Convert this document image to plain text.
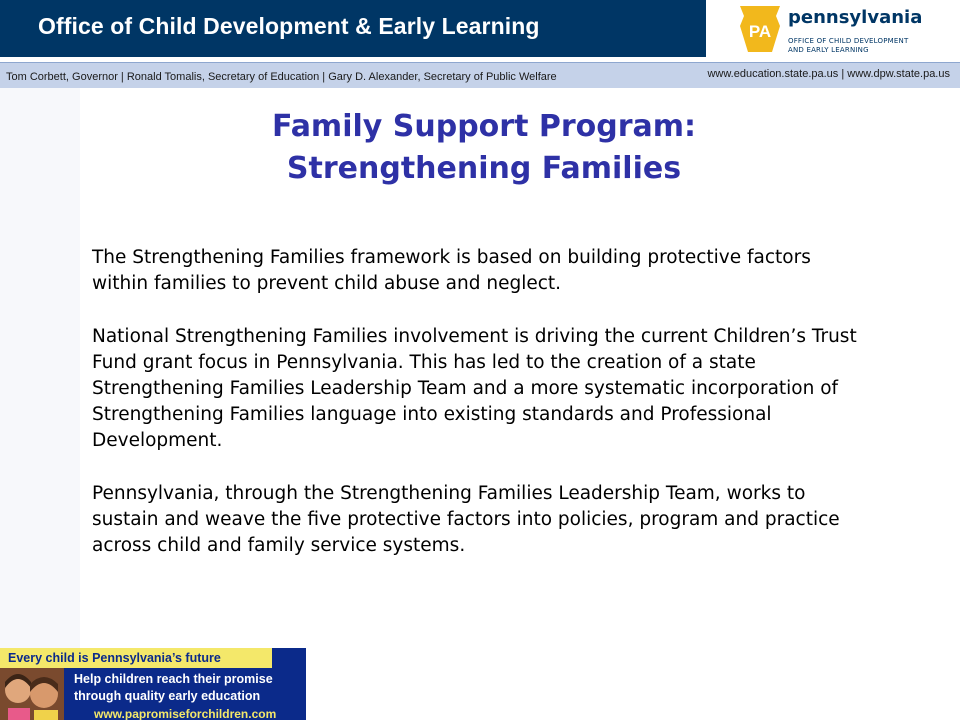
Office of Child Development & Early Learning	PA
pennsylvania
OFFICE OF CHILD DEVELOPMENT
AND EARLY LEARNING
Tom Corbett, Governor | Ronald Tomalis, Secretary of Education | Gary D. Alexander, Secretary of Public Welfare	www.education.state.pa.us | www.dpw.state.pa.us
Family Support Program:
Strengthening Families
The Strengthening Families framework is based on building protective factors
within families to prevent child abuse and neglect.
National Strengthening Families involvement is driving the current Children’s Trust
Fund grant focus in Pennsylvania. This has led to the creation of a state
Strengthening Families Leadership Team and a more systematic incorporation of
Strengthening Families language into existing standards and Professional
Development.
Pennsylvania, through the Strengthening Families Leadership Team, works to
sustain and weave the five protective factors into policies, program and practice
across child and family service systems.
Every child is Pennsylvania’s future
Help children reach their promise
through quality early education
www.papromiseforchildren.com
